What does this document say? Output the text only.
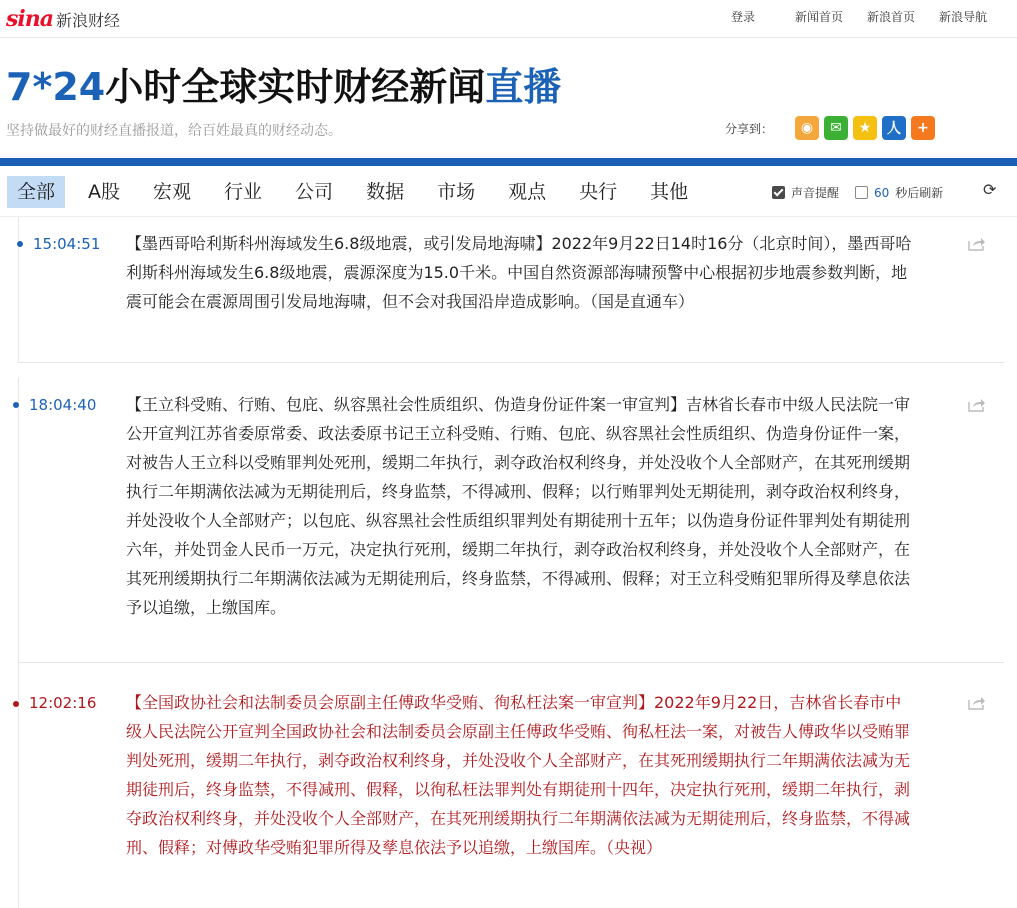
sina 新浪财经	登录	新闻首页 新浪首页 新浪导航
7*24小时全球实时财经新闻直播
坚持做最好的财经直播报道，给百姓最真的财经动态。	分享到：	◉	✉	★	人	+
全部	A股	宏观	行业	公司	数据	市场	观点	央行	其他	声音提醒	60 秒后刷新 ⟳
15:04:51 【墨西哥哈利斯科州海域发生6.8级地震，或引发局地海啸】2022年9月22日14时16分（北京时间），墨西哥哈利斯科州海域发生6.8级地震，震源深度为15.0千米。中国自然资源部海啸预警中心根据初步地震参数判断，地震可能会在震源周围引发局地海啸，但不会对我国沿岸造成影响。（国是直通车）
18:04:40 【王立科受贿、行贿、包庇、纵容黑社会性质组织、伪造身份证件案一审宣判】吉林省长春市中级人民法院一审公开宣判江苏省委原常委、政法委原书记王立科受贿、行贿、包庇、纵容黑社会性质组织、伪造身份证件一案，对被告人王立科以受贿罪判处死刑，缓期二年执行，剥夺政治权利终身，并处没收个人全部财产，在其死刑缓期执行二年期满依法减为无期徒刑后，终身监禁，不得减刑、假释；以行贿罪判处无期徒刑，剥夺政治权利终身，并处没收个人全部财产；以包庇、纵容黑社会性质组织罪判处有期徒刑十五年；以伪造身份证件罪判处有期徒刑六年，并处罚金人民币一万元，决定执行死刑，缓期二年执行，剥夺政治权利终身，并处没收个人全部财产，在其死刑缓期执行二年期满依法减为无期徒刑后，终身监禁，不得减刑、假释；对王立科受贿犯罪所得及孳息依法予以追缴，上缴国库。
12:02:16 【全国政协社会和法制委员会原副主任傅政华受贿、徇私枉法案一审宣判】2022年9月22日，吉林省长春市中级人民法院公开宣判全国政协社会和法制委员会原副主任傅政华受贿、徇私枉法一案，对被告人傅政华以受贿罪判处死刑，缓期二年执行，剥夺政治权利终身，并处没收个人全部财产，在其死刑缓期执行二年期满依法减为无期徒刑后，终身监禁，不得减刑、假释，以徇私枉法罪判处有期徒刑十四年，决定执行死刑，缓期二年执行，剥夺政治权利终身，并处没收个人全部财产，在其死刑缓期执行二年期满依法减为无期徒刑后，终身监禁，不得减刑、假释；对傅政华受贿犯罪所得及孳息依法予以追缴，上缴国库。（央视）
